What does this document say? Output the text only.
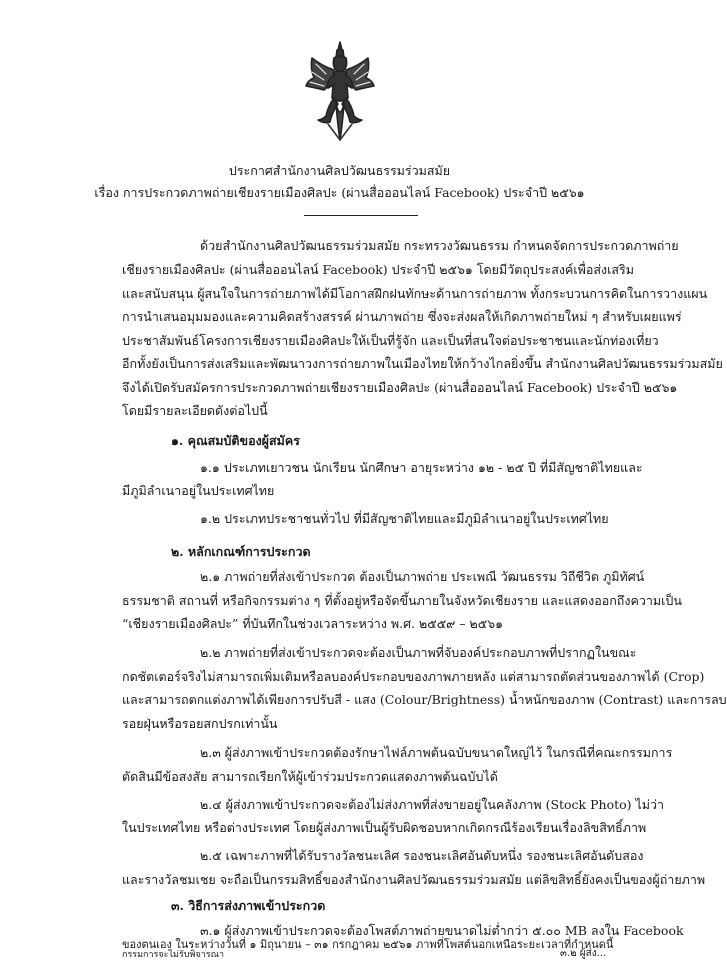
ประกาศสำนักงานศิลปวัฒนธรรมร่วมสมัย
เรื่อง การประกวดภาพถ่ายเชียงรายเมืองศิลปะ (ผ่านสื่อออนไลน์ Facebook) ประจำปี ๒๕๖๑
ด้วยสำนักงานศิลปวัฒนธรรมร่วมสมัย กระทรวงวัฒนธรรม กำหนดจัดการประกวดภาพถ่าย
เชียงรายเมืองศิลปะ (ผ่านสื่อออนไลน์ Facebook) ประจำปี ๒๕๖๑ โดยมีวัตถุประสงค์เพื่อส่งเสริม
และสนับสนุน ผู้สนใจในการถ่ายภาพได้มีโอกาสฝึกฝนทักษะด้านการถ่ายภาพ ทั้งกระบวนการคิดในการวางแผน
การนำเสนอมุมมองและความคิดสร้างสรรค์ ผ่านภาพถ่าย ซึ่งจะส่งผลให้เกิดภาพถ่ายใหม่ ๆ สำหรับเผยแพร่
ประชาสัมพันธ์โครงการเชียงรายเมืองศิลปะให้เป็นที่รู้จัก และเป็นที่สนใจต่อประชาชนและนักท่องเที่ยว
อีกทั้งยังเป็นการส่งเสริมและพัฒนาวงการถ่ายภาพในเมืองไทยให้กว้างไกลยิ่งขึ้น สำนักงานศิลปวัฒนธรรมร่วมสมัย
จึงได้เปิดรับสมัครการประกวดภาพถ่ายเชียงรายเมืองศิลปะ (ผ่านสื่อออนไลน์ Facebook) ประจำปี ๒๕๖๑
โดยมีรายละเอียดดังต่อไปนี้
๑. คุณสมบัติของผู้สมัคร
๑.๑ ประเภทเยาวชน นักเรียน นักศึกษา อายุระหว่าง ๑๒ - ๒๕ ปี ที่มีสัญชาติไทยและ
มีภูมิลำเนาอยู่ในประเทศไทย
๑.๒ ประเภทประชาชนทั่วไป ที่มีสัญชาติไทยและมีภูมิลำเนาอยู่ในประเทศไทย
๒. หลักเกณฑ์การประกวด
๒.๑ ภาพถ่ายที่ส่งเข้าประกวด ต้องเป็นภาพถ่าย ประเพณี วัฒนธรรม วิถีชีวิต ภูมิทัศน์
ธรรมชาติ สถานที่ หรือกิจกรรมต่าง ๆ ที่ตั้งอยู่หรือจัดขึ้นภายในจังหวัดเชียงราย และแสดงออกถึงความเป็น
“เชียงรายเมืองศิลปะ” ที่บันทึกในช่วงเวลาระหว่าง พ.ศ. ๒๕๕๙ – ๒๕๖๑
๒.๒ ภาพถ่ายที่ส่งเข้าประกวดจะต้องเป็นภาพที่จับองค์ประกอบภาพที่ปรากฏในขณะ
กดชัตเตอร์จริงไม่สามารถเพิ่มเติมหรือลบองค์ประกอบของภาพภายหลัง แต่สามารถตัดส่วนของภาพได้ (Crop)
และสามารถตกแต่งภาพได้เพียงการปรับสี - แสง (Colour/Brightness) น้ำหนักของภาพ (Contrast) และการลบ
รอยฝุ่นหรือรอยสกปรกเท่านั้น
๒.๓ ผู้ส่งภาพเข้าประกวดต้องรักษาไฟล์ภาพต้นฉบับขนาดใหญ่ไว้ ในกรณีที่คณะกรรมการ
ตัดสินมีข้อสงสัย สามารถเรียกให้ผู้เข้าร่วมประกวดแสดงภาพต้นฉบับได้
๒.๔ ผู้ส่งภาพเข้าประกวดจะต้องไม่ส่งภาพที่ส่งขายอยู่ในคลังภาพ (Stock Photo) ไม่ว่า
ในประเทศไทย หรือต่างประเทศ โดยผู้ส่งภาพเป็นผู้รับผิดชอบหากเกิดกรณีร้องเรียนเรื่องลิขสิทธิ์ภาพ
๒.๕ เฉพาะภาพที่ได้รับรางวัลชนะเลิศ รองชนะเลิศอันดับหนึ่ง รองชนะเลิศอันดับสอง
และรางวัลชมเชย จะถือเป็นกรรมสิทธิ์ของสำนักงานศิลปวัฒนธรรมร่วมสมัย แต่ลิขสิทธิ์ยังคงเป็นของผู้ถ่ายภาพ
๓. วิธีการส่งภาพเข้าประกวด
๓.๑ ผู้ส่งภาพเข้าประกวดจะต้องโพสต์ภาพถ่ายขนาดไม่ต่ำกว่า ๕.๐๐ MB ลงใน Facebook
ของตนเอง ในระหว่างวันที่ ๑ มิถุนายน – ๓๑ กรกฎาคม ๒๕๖๑ ภาพที่โพสต์นอกเหนือระยะเวลาที่กำหนดนี้
กรรมการจะไม่รับพิจารณา	๓.๒ ผู้ส่ง...
